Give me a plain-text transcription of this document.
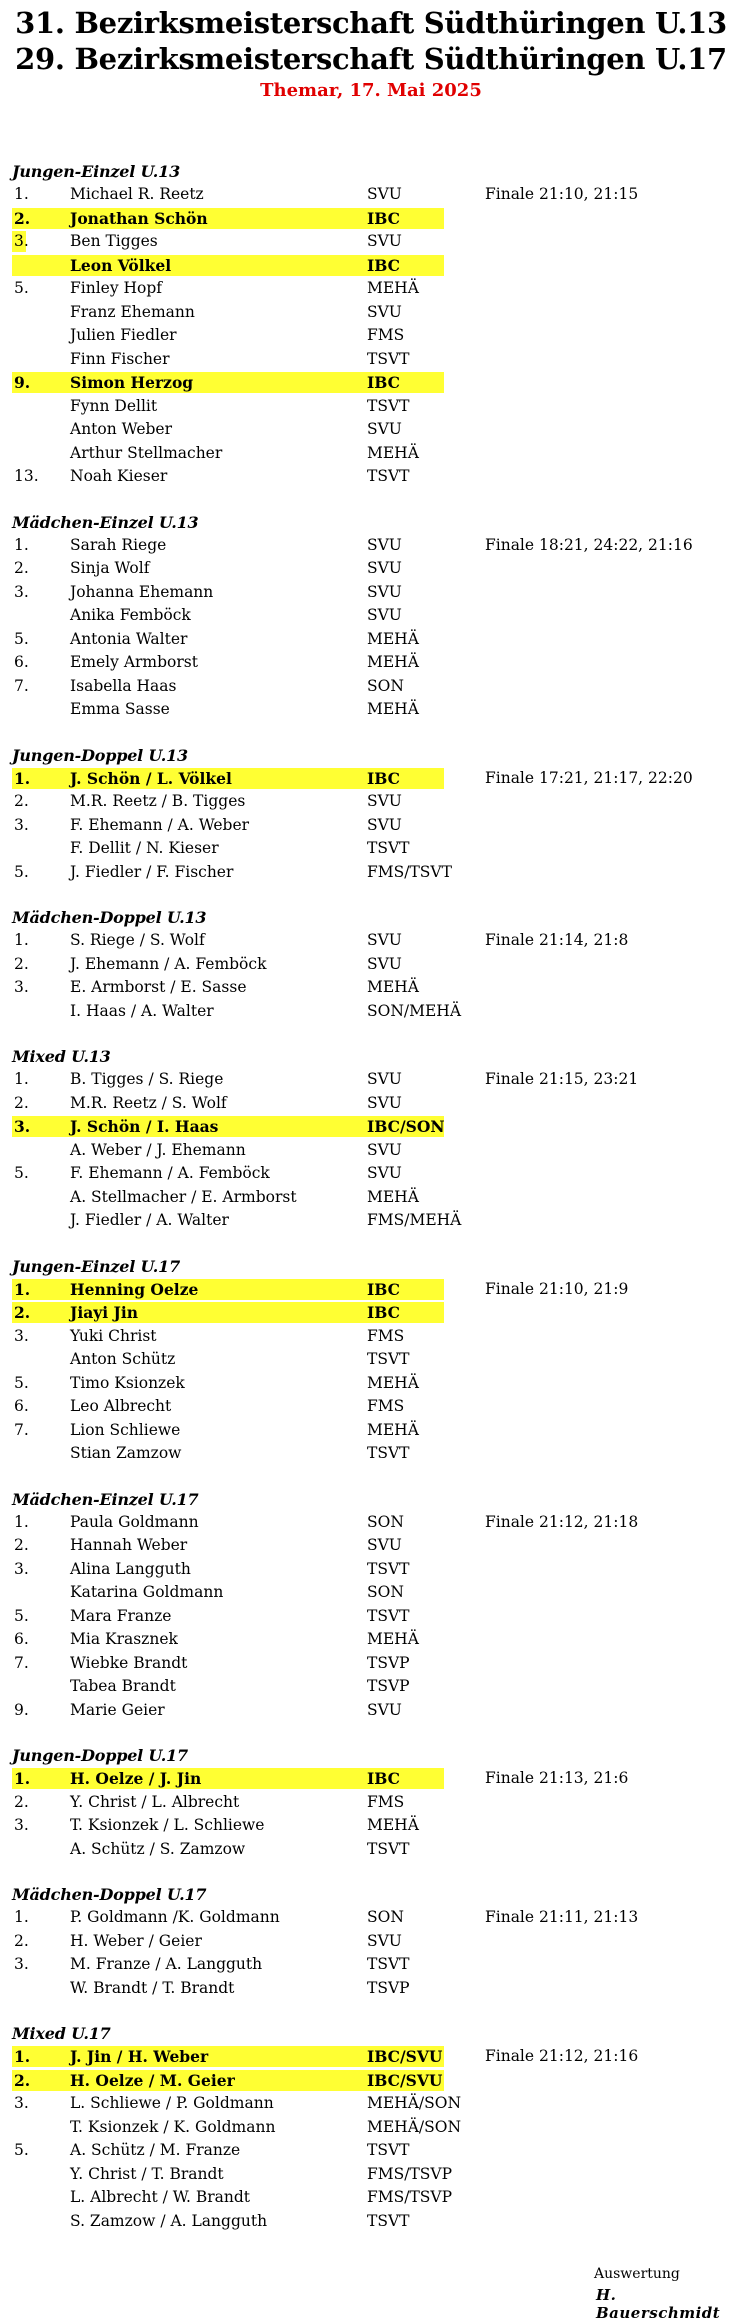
31. Bezirksmeisterschaft Südthüringen U.13
29. Bezirksmeisterschaft Südthüringen U.17
Themar, 17. Mai 2025
Jungen-Einzel U.13
1.	Michael R. Reetz	SVU	Finale 21:10, 21:15
2.	Jonathan Schön	IBC
3.	Ben Tigges	SVU
Leon Völkel	IBC
5.	Finley Hopf	MEHÄ
Franz Ehemann	SVU
Julien Fiedler	FMS
Finn Fischer	TSVT
9.	Simon Herzog	IBC
Fynn Dellit	TSVT
Anton Weber	SVU
Arthur Stellmacher	MEHÄ
13. Noah Kieser	TSVT
Mädchen-Einzel U.13
1.	Sarah Riege	SVU	Finale 18:21, 24:22, 21:16
2.	Sinja Wolf	SVU
3.	Johanna Ehemann	SVU
Anika Femböck	SVU
5.	Antonia Walter	MEHÄ
6.	Emely Armborst	MEHÄ
7.	Isabella Haas	SON
Emma Sasse	MEHÄ
Jungen-Doppel U.13
1.	J. Schön / L. Völkel	IBC	Finale 17:21, 21:17, 22:20
2.	M.R. Reetz / B. Tigges	SVU
3.	F. Ehemann / A. Weber	SVU
F. Dellit / N. Kieser	TSVT
5.	J. Fiedler / F. Fischer	FMS/TSVT
Mädchen-Doppel U.13
1.	S. Riege / S. Wolf	SVU	Finale 21:14, 21:8
2.	J. Ehemann / A. Femböck	SVU
3.	E. Armborst / E. Sasse	MEHÄ
I. Haas / A. Walter	SON/MEHÄ
Mixed U.13
1.	B. Tigges / S. Riege	SVU	Finale 21:15, 23:21
2.	M.R. Reetz / S. Wolf	SVU
3.	J. Schön / I. Haas	IBC/SON
A. Weber / J. Ehemann	SVU
5.	F. Ehemann / A. Femböck	SVU
A. Stellmacher / E. Armborst	MEHÄ
J. Fiedler / A. Walter	FMS/MEHÄ
Jungen-Einzel U.17
1.	Henning Oelze	IBC	Finale 21:10, 21:9
2.	Jiayi Jin	IBC
3.	Yuki Christ	FMS
Anton Schütz	TSVT
5.	Timo Ksionzek	MEHÄ
6.	Leo Albrecht	FMS
7.	Lion Schliewe	MEHÄ
Stian Zamzow	TSVT
Mädchen-Einzel U.17
1.	Paula Goldmann	SON	Finale 21:12, 21:18
2.	Hannah Weber	SVU
3.	Alina Langguth	TSVT
Katarina Goldmann	SON
5.	Mara Franze	TSVT
6.	Mia Krasznek	MEHÄ
7.	Wiebke Brandt	TSVP
Tabea Brandt	TSVP
9.	Marie Geier	SVU
Jungen-Doppel U.17
1.	H. Oelze / J. Jin	IBC	Finale 21:13, 21:6
2.	Y. Christ / L. Albrecht	FMS
3.	T. Ksionzek / L. Schliewe	MEHÄ
A. Schütz / S. Zamzow	TSVT
Mädchen-Doppel U.17
1.	P. Goldmann /K. Goldmann	SON	Finale 21:11, 21:13
2.	H. Weber / Geier	SVU
3.	M. Franze / A. Langguth	TSVT
W. Brandt / T. Brandt	TSVP
Mixed U.17
1.	J. Jin / H. Weber	IBC/SVU	Finale 21:12, 21:16
2.	H. Oelze / M. Geier	IBC/SVU
3.	L. Schliewe / P. Goldmann	MEHÄ/SON
T. Ksionzek / K. Goldmann	MEHÄ/SON
5.	A. Schütz / M. Franze	TSVT
Y. Christ / T. Brandt	FMS/TSVP
L. Albrecht / W. Brandt	FMS/TSVP
S. Zamzow / A. Langguth	TSVT
Auswertung
H. Bauerschmidt
